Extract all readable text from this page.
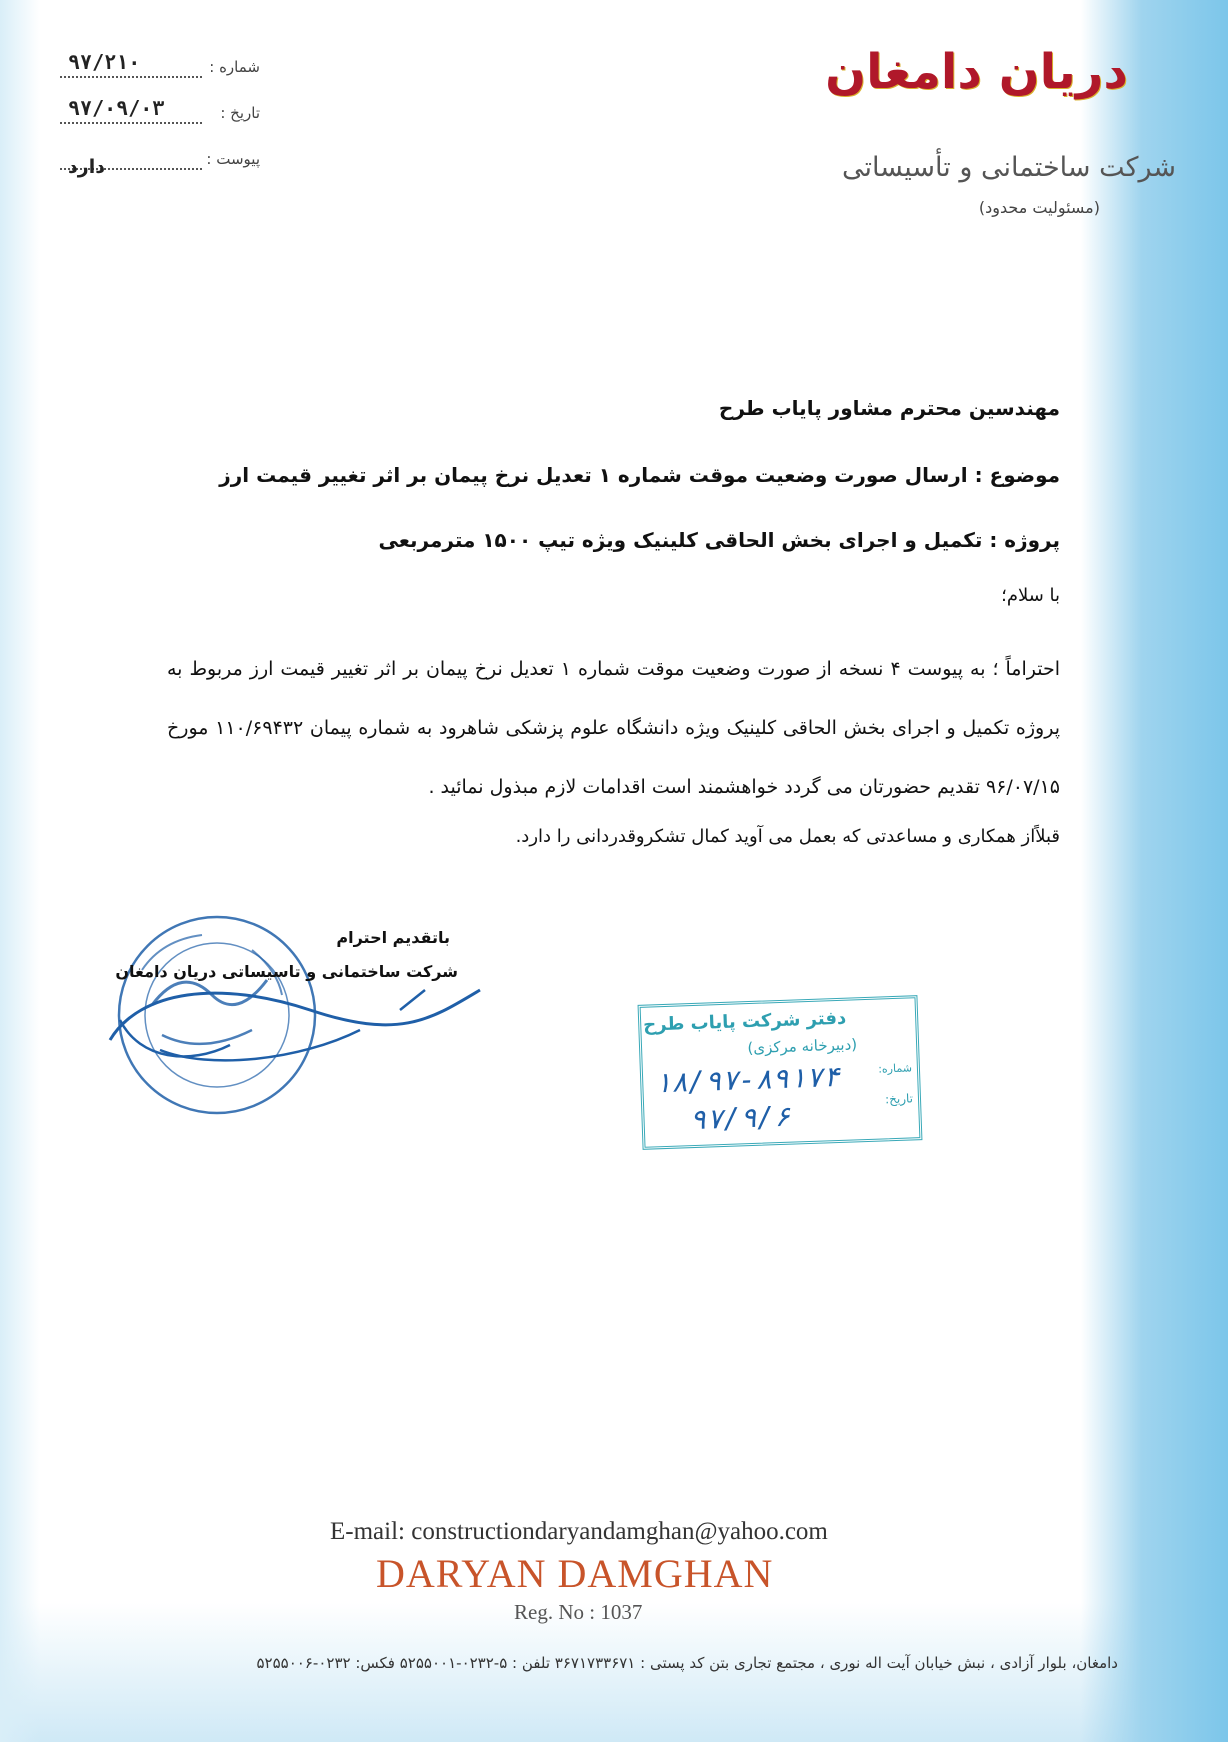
شماره :
۹۷/۲۱۰
تاریخ :
۹۷/۰۹/۰۳
پیوست :
دارد
دریان دامغان
شرکت ساختمانی و تأسیساتی
(مسئولیت محدود)
مهندسین محترم مشاور پایاب طرح
موضوع : ارسال صورت وضعیت موقت شماره ۱ تعدیل نرخ پیمان بر اثر تغییر قیمت ارز
پروژه : تکمیل و اجرای بخش الحاقی کلینیک ویژه تیپ ۱۵۰۰ مترمربعی
با سلام؛
احتراماً ؛ به پیوست ۴ نسخه از صورت وضعیت موقت شماره ۱ تعدیل نرخ پیمان بر اثر تغییر قیمت ارز مربوط به پروژه تکمیل و اجرای بخش الحاقی کلینیک ویژه دانشگاه علوم پزشکی شاهرود به شماره پیمان ۱۱۰/۶۹۴۳۲ مورخ ۹۶/۰۷/۱۵ تقدیم حضورتان می گردد خواهشمند است اقدامات لازم مبذول نمائید .
قبلاًاز همکاری و مساعدتی که بعمل می آوید کمال تشکروقدردانی را دارد.
باتقدیم احترام
شرکت ساختمانی و تاسیساتی دریان دامغان
دفتر شرکت پایاب طرح
(دبیرخانه مرکزی)
شماره:
تاریخ:
۱۸/۹۷-۸۹۱۷۴
۹۷/۹/۶
E-mail: constructiondaryandamghan@yahoo.com
DARYAN DAMGHAN
Reg. No : 1037
دامغان، بلوار آزادی ، نبش خیابان آیت اله نوری ، مجتمع تجاری بتن کد پستی : ۳۶۷۱۷۳۳۶۷۱ تلفن : ۵-۰۲۳۲-۵۲۵۵۰۰۱ فکس: ۰۲۳۲-۵۲۵۵۰۰۶
